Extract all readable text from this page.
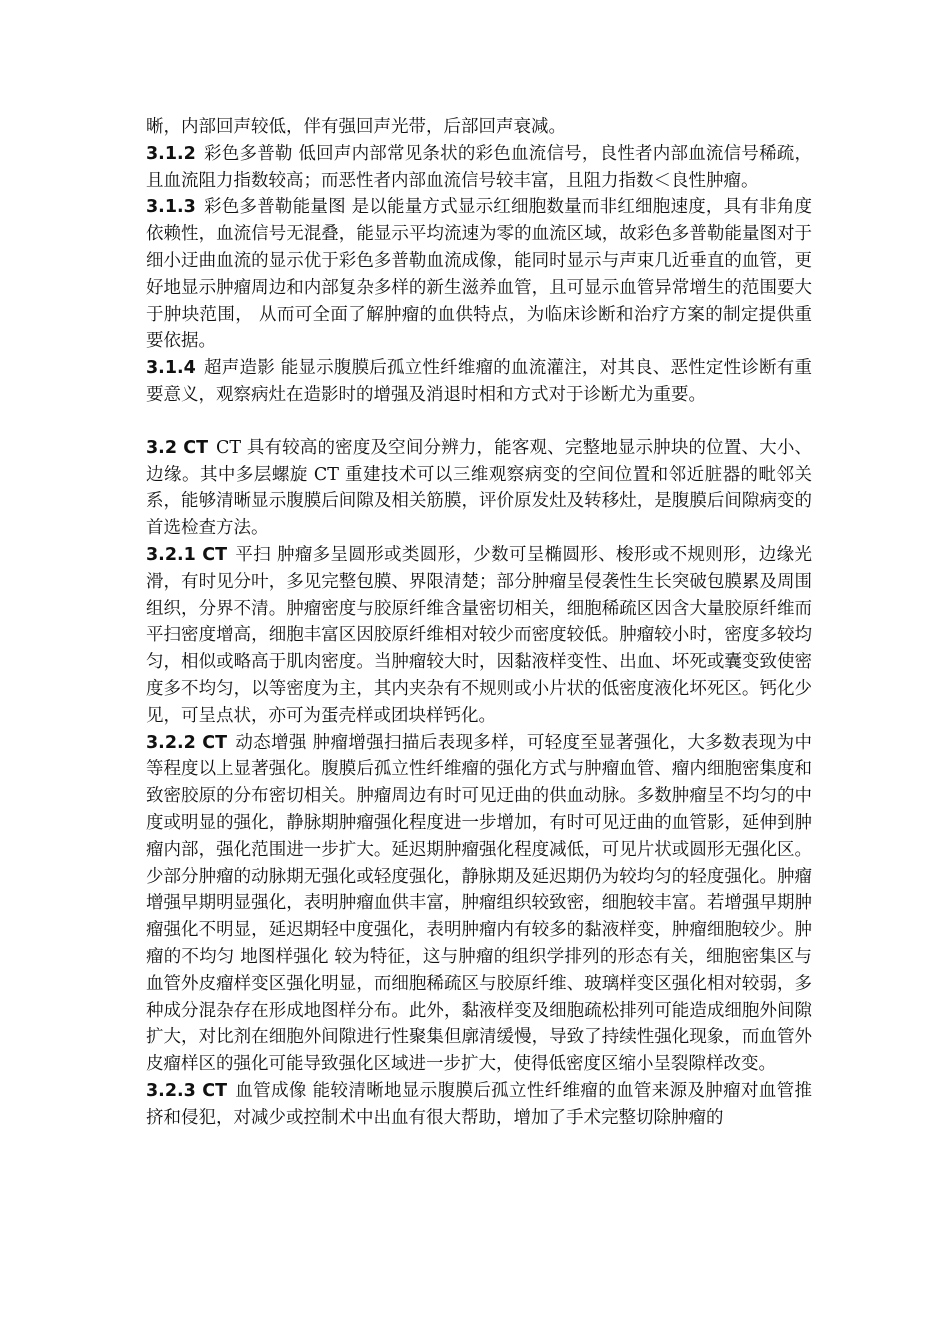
晰，内部回声较低，伴有强回声光带，后部回声衰减。

3.1.2 彩色多普勒 低回声内部常见条状的彩色血流信号，良性者内部血流信号稀疏，且血流阻力指数较高；而恶性者内部血流信号较丰富，且阻力指数＜良性肿瘤。

3.1.3 彩色多普勒能量图 是以能量方式显示红细胞数量而非红细胞速度，具有非角度依赖性，血流信号无混叠，能显示平均流速为零的血流区域，故彩色多普勒能量图对于细小迂曲血流的显示优于彩色多普勒血流成像，能同时显示与声束几近垂直的血管，更好地显示肿瘤周边和内部复杂多样的新生滋养血管，且可显示血管异常增生的范围要大于肿块范围， 从而可全面了解肿瘤的血供特点，为临床诊断和治疗方案的制定提供重要依据。

3.1.4 超声造影 能显示腹膜后孤立性纤维瘤的血流灌注，对其良、恶性定性诊断有重要意义，观察病灶在造影时的增强及消退时相和方式对于诊断尤为重要。

3.2 CT CT 具有较高的密度及空间分辨力，能客观、完整地显示肿块的位置、大小、边缘。其中多层螺旋 CT 重建技术可以三维观察病变的空间位置和邻近脏器的毗邻关系，能够清晰显示腹膜后间隙及相关筋膜，评价原发灶及转移灶，是腹膜后间隙病变的首选检查方法。

3.2.1 CT 平扫 肿瘤多呈圆形或类圆形，少数可呈椭圆形、梭形或不规则形，边缘光滑，有时见分叶，多见完整包膜、界限清楚；部分肿瘤呈侵袭性生长突破包膜累及周围组织，分界不清。肿瘤密度与胶原纤维含量密切相关，细胞稀疏区因含大量胶原纤维而平扫密度增高，细胞丰富区因胶原纤维相对较少而密度较低。肿瘤较小时，密度多较均匀，相似或略高于肌肉密度。当肿瘤较大时，因黏液样变性、出血、坏死或囊变致使密度多不均匀，以等密度为主，其内夹杂有不规则或小片状的低密度液化坏死区。钙化少见，可呈点状，亦可为蛋壳样或团块样钙化。

3.2.2 CT 动态增强 肿瘤增强扫描后表现多样，可轻度至显著强化，大多数表现为中等程度以上显著强化。腹膜后孤立性纤维瘤的强化方式与肿瘤血管、瘤内细胞密集度和致密胶原的分布密切相关。肿瘤周边有时可见迂曲的供血动脉。多数肿瘤呈不均匀的中度或明显的强化，静脉期肿瘤强化程度进一步增加，有时可见迂曲的血管影，延伸到肿瘤内部，强化范围进一步扩大。延迟期肿瘤强化程度减低，可见片状或圆形无强化区。少部分肿瘤的动脉期无强化或轻度强化，静脉期及延迟期仍为较均匀的轻度强化。肿瘤增强早期明显强化，表明肿瘤血供丰富，肿瘤组织较致密，细胞较丰富。若增强早期肿瘤强化不明显，延迟期轻中度强化，表明肿瘤内有较多的黏液样变，肿瘤细胞较少。肿瘤的不均匀 地图样强化 较为特征，这与肿瘤的组织学排列的形态有关，细胞密集区与血管外皮瘤样变区强化明显，而细胞稀疏区与胶原纤维、玻璃样变区强化相对较弱，多种成分混杂存在形成地图样分布。此外，黏液样变及细胞疏松排列可能造成细胞外间隙扩大，对比剂在细胞外间隙进行性聚集但廓清缓慢，导致了持续性强化现象，而血管外皮瘤样区的强化可能导致强化区域进一步扩大，使得低密度区缩小呈裂隙样改变。

3.2.3 CT 血管成像 能较清晰地显示腹膜后孤立性纤维瘤的血管来源及肿瘤对血管推挤和侵犯，对减少或控制术中出血有很大帮助，增加了手术完整切除肿瘤的
